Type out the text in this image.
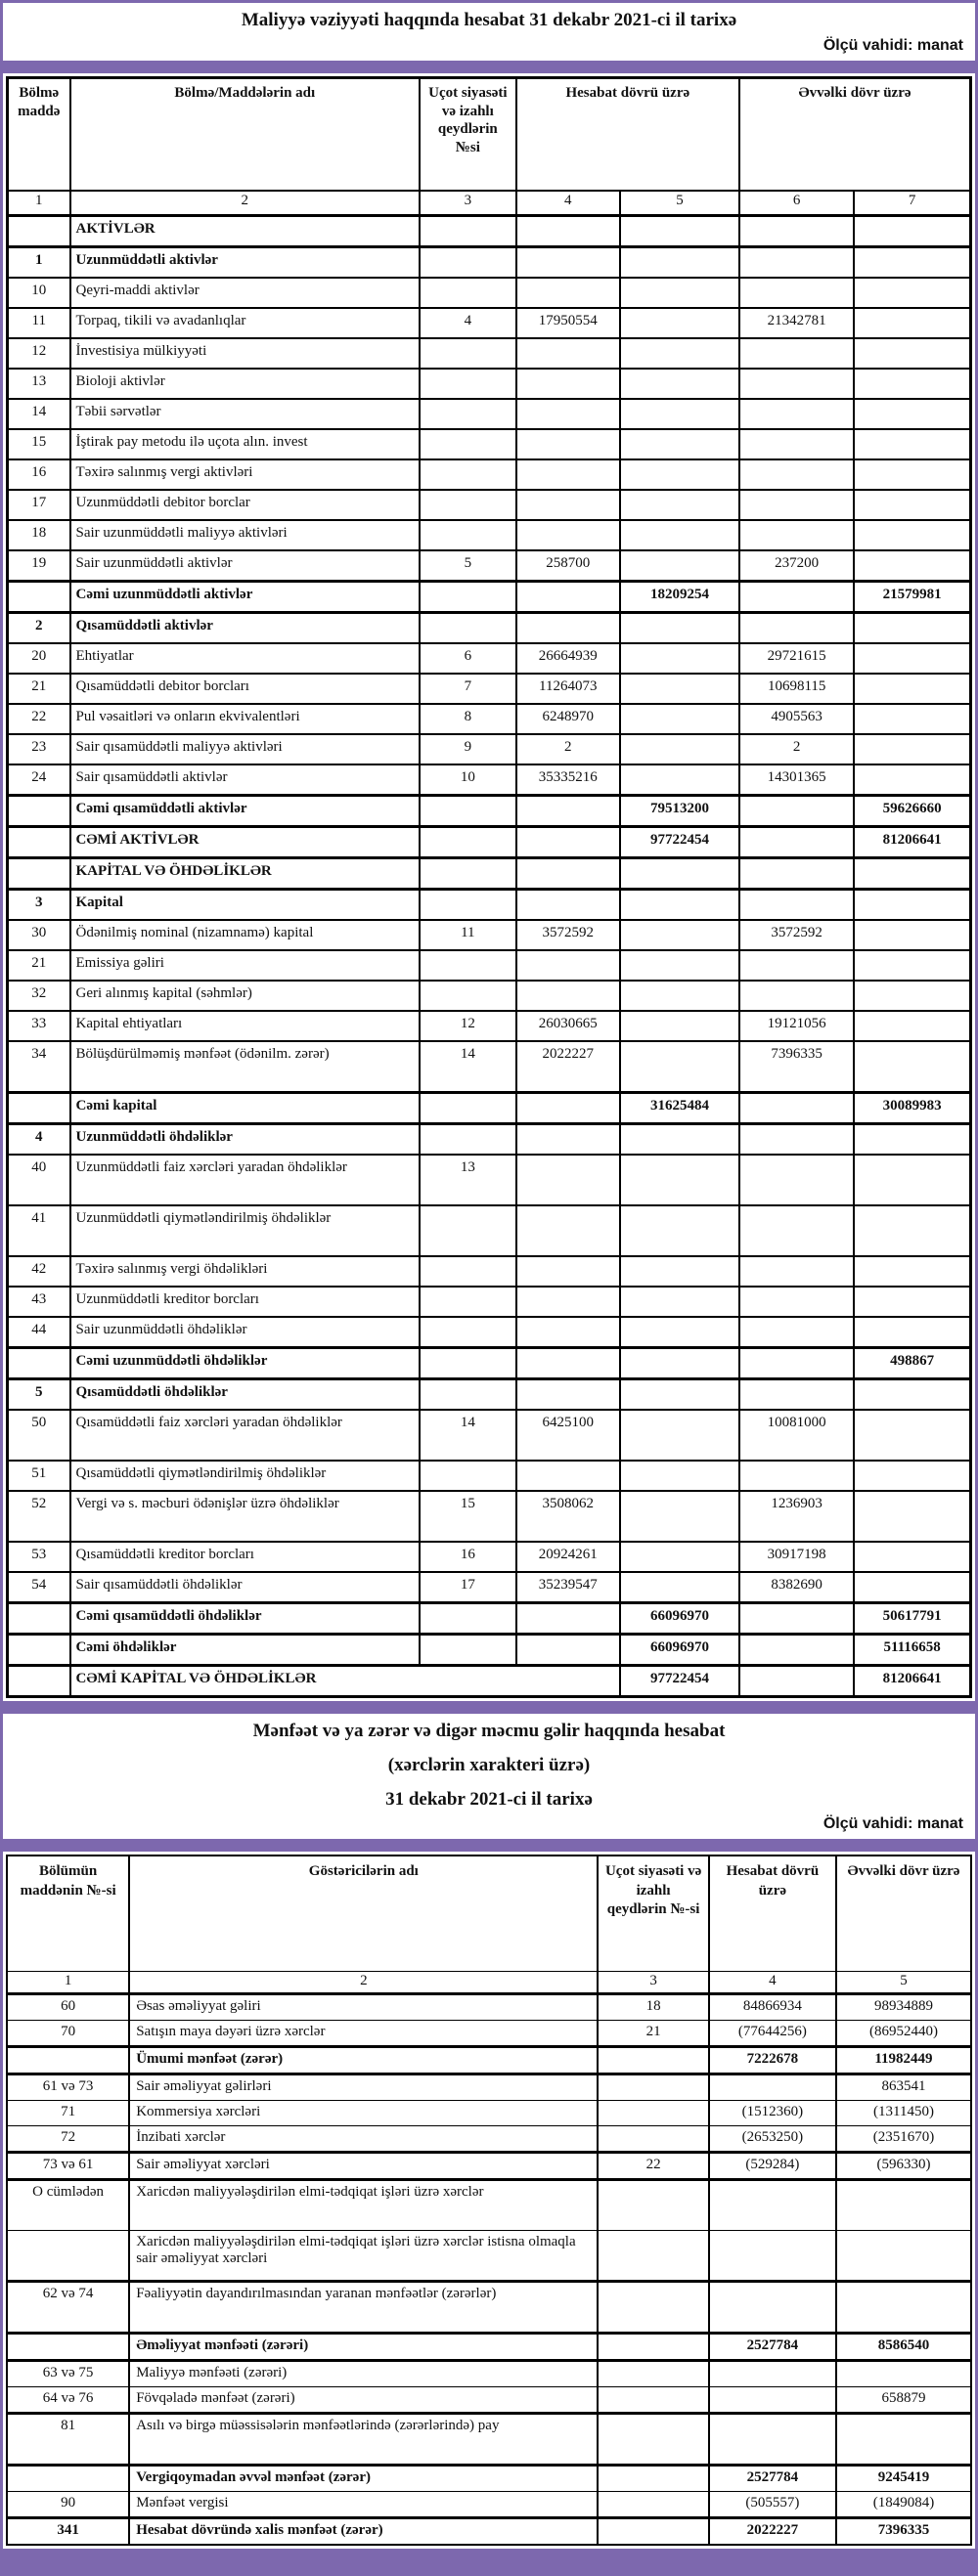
Maliyyə vəziyyəti haqqında hesabat 31 dekabr 2021-ci il tarixə
Ölçü vahidi: manat
Bölmə maddə	Bölmə/Maddələrin adı	Uçot siyasəti və izahlı qeydlərin №si	Hesabat dövrü üzrə		Əvvəlki dövr üzrə	
1	2	3	4	5	6	7
	AKTİVLƏR					
1	Uzunmüddətli aktivlər					
10	Qeyri-maddi aktivlər					
11	Torpaq, tikili və avadanlıqlar	4	17950554		21342781	
12	İnvestisiya mülkiyyəti					
13	Bioloji aktivlər					
14	Təbii sərvətlər					
15	İştirak pay metodu ilə uçota alın. invest					
16	Təxirə salınmış vergi aktivləri					
17	Uzunmüddətli debitor borclar					
18	Sair uzunmüddətli maliyyə aktivləri					
19	Sair uzunmüddətli aktivlər	5	258700		237200	
	Cəmi uzunmüddətli aktivlər			18209254		21579981
2	Qısamüddətli aktivlər					
20	Ehtiyatlar	6	26664939		29721615	
21	Qısamüddətli debitor borcları	7	11264073		10698115	
22	Pul vəsaitləri və onların ekvivalentləri	8	6248970		4905563	
23	Sair qısamüddətli maliyyə aktivləri	9	2		2	
24	Sair qısamüddətli aktivlər	10	35335216		14301365	
	Cəmi qısamüddətli aktivlər			79513200		59626660
	CƏMİ AKTİVLƏR			97722454		81206641
	KAPİTAL VƏ ÖHDƏLİKLƏR					
3	Kapital					
30	Ödənilmiş nominal (nizamnamə) kapital	11	3572592		3572592	
21	Emissiya gəliri					
32	Geri alınmış kapital (səhmlər)					
33	Kapital ehtiyatları	12	26030665		19121056	
34	Bölüşdürülməmiş mənfəət (ödənilm. zərər)	14	2022227		7396335	
	Cəmi kapital			31625484		30089983
4	Uzunmüddətli öhdəliklər					
40	Uzunmüddətli faiz xərcləri yaradan öhdəliklər	13				
41	Uzunmüddətli qiymətləndirilmiş öhdəliklər					
42	Təxirə salınmış vergi öhdəlikləri					
43	Uzunmüddətli kreditor borcları					
44	Sair uzunmüddətli öhdəliklər					
	Cəmi uzunmüddətli öhdəliklər					498867
5	Qısamüddətli öhdəliklər					
50	Qısamüddətli faiz xərcləri yaradan öhdəliklər	14	6425100		10081000	
51	Qısamüddətli qiymətləndirilmiş öhdəliklər					
52	Vergi və s. məcburi ödənişlər üzrə öhdəliklər	15	3508062		1236903	
53	Qısamüddətli kreditor borcları	16	20924261		30917198	
54	Sair qısamüddətli öhdəliklər	17	35239547		8382690	
	Cəmi qısamüddətli öhdəliklər			66096970		50617791
	Cəmi öhdəliklər			66096970		51116658
	CƏMİ KAPİTAL VƏ ÖHDƏLİKLƏR			97722454		81206641
Mənfəət və ya zərər və digər məcmu gəlir haqqında hesabat
(xərclərin xarakteri üzrə)
31 dekabr 2021-ci il tarixə
Ölçü vahidi: manat
Bölümün maddənin №-si	Göstəricilərin adı	Uçot siyasəti və izahlı qeydlərin №-si	Hesabat dövrü üzrə	Əvvəlki dövr üzrə
1	2	3	4	5
60	Əsas əməliyyat gəliri	18	84866934	98934889
70	Satışın maya dəyəri üzrə xərclər	21	(77644256)	(86952440)
	Ümumi mənfəət (zərər)		7222678	11982449
61 və 73	Sair əməliyyat gəlirləri			863541
71	Kommersiya xərcləri		(1512360)	(1311450)
72	İnzibati xərclər		(2653250)	(2351670)
73 və 61	Sair əməliyyat xərcləri	22	(529284)	(596330)
O cümlədən	Xaricdən maliyyələşdirilən elmi-tədqiqat işləri üzrə xərclər			
	Xaricdən maliyyələşdirilən elmi-tədqiqat işləri üzrə xərclər istisna olmaqla sair əməliyyat xərcləri			
62 və 74	Fəaliyyətin dayandırılmasından yaranan mənfəətlər (zərərlər)			
	Əməliyyat mənfəəti (zərəri)		2527784	8586540
63 və 75	Maliyyə mənfəəti (zərəri)			
64 və 76	Fövqəladə mənfəət (zərəri)			658879
81	Asılı və birgə müəssisələrin mənfəətlərində (zərərlərində) pay			
	Vergiqoymadan əvvəl mənfəət (zərər)		2527784	9245419
90	Mənfəət vergisi		(505557)	(1849084)
341	Hesabat dövründə xalis mənfəət (zərər)		2022227	7396335
